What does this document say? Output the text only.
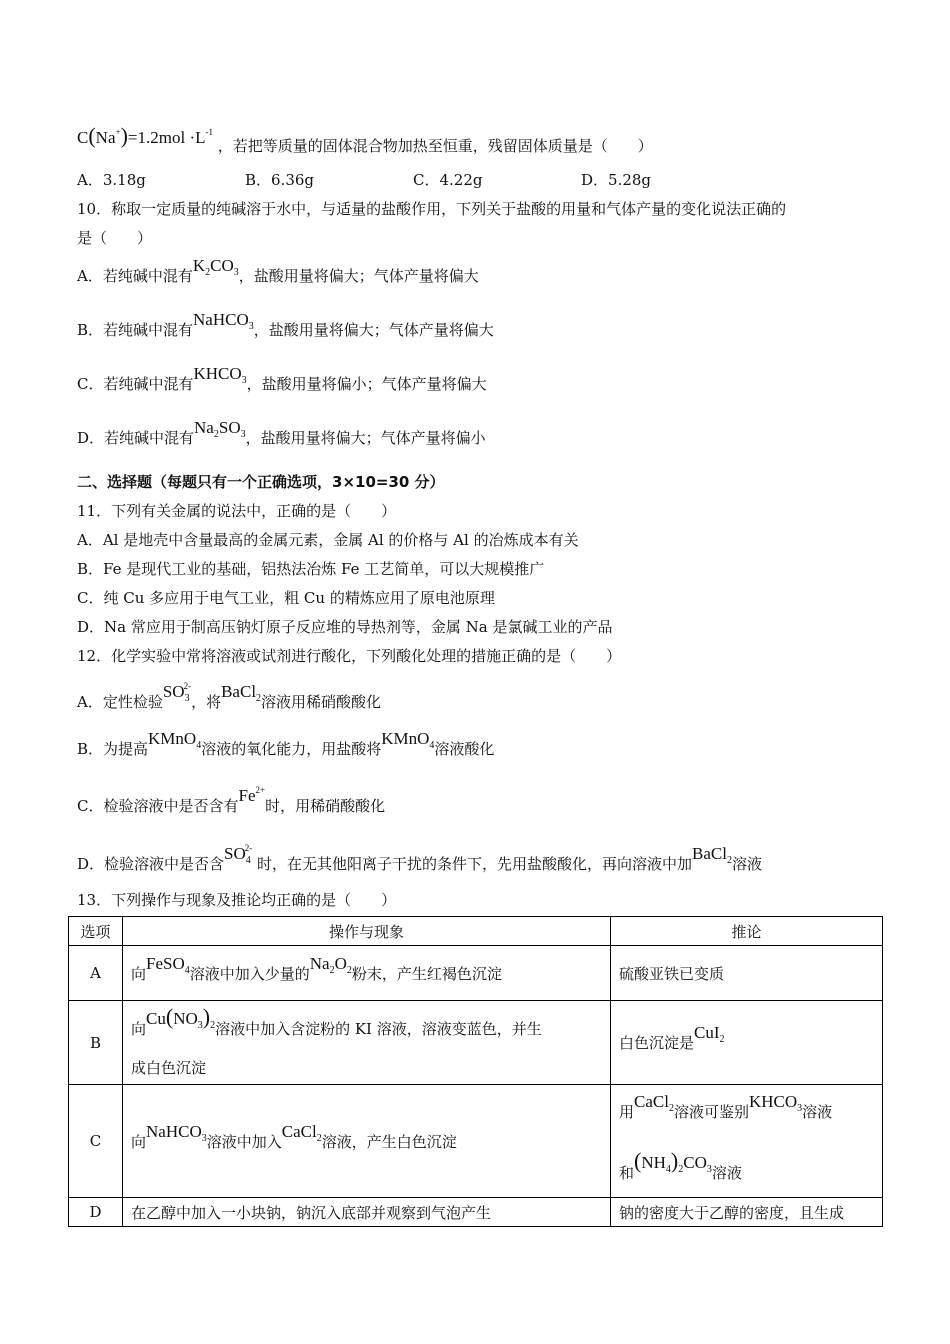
$C(Na^+)=1.2mol \cdot L^{-1}$ ，若把等质量的固体混合物加热至恒重，残留固体质量是（　　）
A．3.18g	B．6.36g	C．4.22g	D．5.28g
10．称取一定质量的纯碱溶于水中，与适量的盐酸作用，下列关于盐酸的用量和气体产量的变化说法正确的
是（　　）
A．若纯碱中混有$K_2CO_3$，盐酸用量将偏大；气体产量将偏大
B．若纯碱中混有NaHCO$_3$，盐酸用量将偏大；气体产量将偏大
C．若纯碱中混有$KHCO_3$，盐酸用量将偏小；气体产量将偏大
D．若纯碱中混有$Na_2SO_3$，盐酸用量将偏大；气体产量将偏小
二、选择题（每题只有一个正确选项，3×10=30 分）
11．下列有关金属的说法中，正确的是（　　）
A．Al 是地壳中含量最高的金属元素，金属 Al 的价格与 Al 的冶炼成本有关
B．Fe 是现代工业的基础，铝热法冶炼 Fe 工艺简单，可以大规模推广
C．纯 Cu 多应用于电气工业，粗 Cu 的精炼应用了原电池原理
D．Na 常应用于制高压钠灯原子反应堆的导热剂等，金属 Na 是氯碱工业的产品
12．化学实验中常将溶液或试剂进行酸化，下列酸化处理的措施正确的是（　　）
A．定性检验$SO_3^{2-}$，将BaCl$_2$溶液用稀硝酸酸化
B．为提高KMnO$_4$溶液的氧化能力，用盐酸将KMnO$_4$溶液酸化
C．检验溶液中是否含有$Fe^{2+}$时，用稀硝酸酸化
D．检验溶液中是否含$SO_4^{2-}$ 时，在无其他阳离子干扰的条件下，先用盐酸酸化，再向溶液中加BaCl$_2$溶液
13．下列操作与现象及推论均正确的是（　　）
选项	操作与现象	推论
A	向FeSO$_4$溶液中加入少量的$Na_2O_2$粉末，产生红褐色沉淀	硫酸亚铁已变质
B	向$Cu(NO_3)_2$溶液中加入含淀粉的 KI 溶液，溶液变蓝色，并生
成白色沉淀	白色沉淀是CuI$_2$

C	向NaHCO$_3$溶液中加入CaCl$_2$溶液，产生白色沉淀	用CaCl$_2$溶液可鉴别$KHCO_3$溶液
和$(NH_4)_2CO_3$溶液

D	在乙醇中加入一小块钠，钠沉入底部并观察到气泡产生	钠的密度大于乙醇的密度，且生成
